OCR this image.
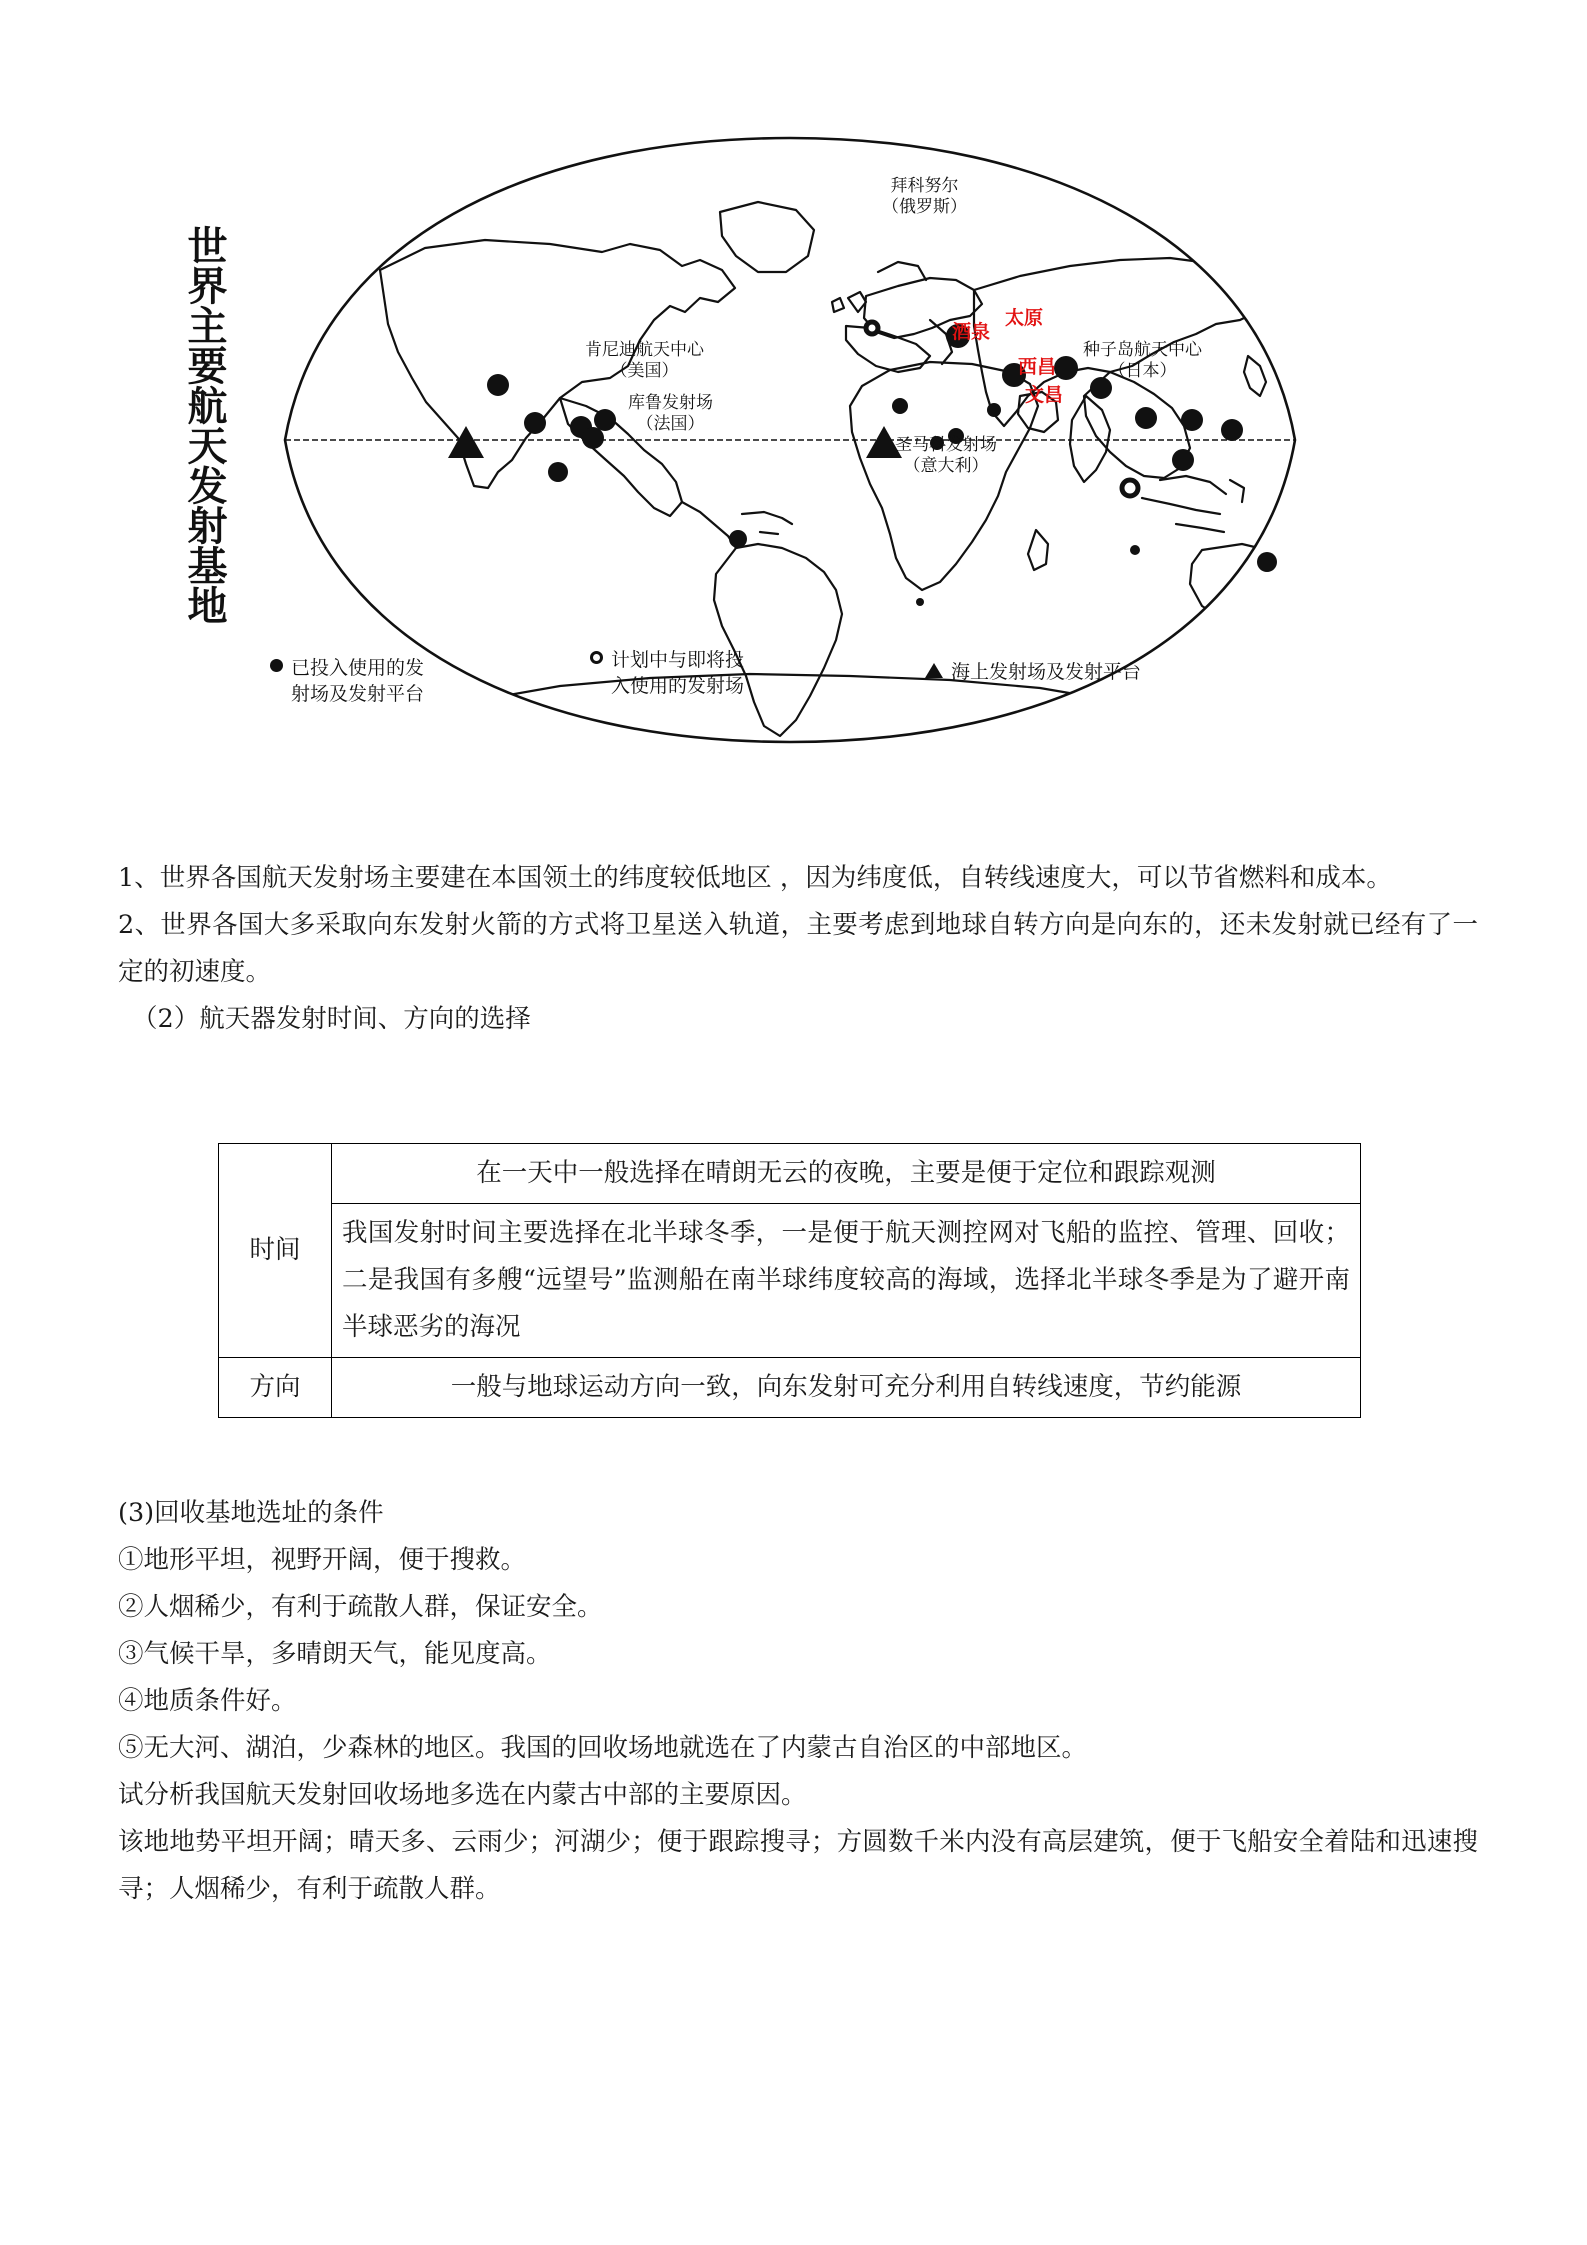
世界主要航天发射基地	肯尼迪航天中心
（美国）
库鲁发射场
（法国）
拜科努尔
（俄罗斯）
圣马科发射场
（意大利）
种子岛航天中心
（日本）
酒泉
太原
西昌
文昌
已投入使用的发
射场及发射平台
计划中与即将投
入使用的发射场
海上发射场及发射平台

1、世界各国航天发射场主要建在本国领土的纬度较低地区 ，因为纬度低，自转线速度大，可以节省燃料和成本。

2、世界各国大多采取向东发射火箭的方式将卫星送入轨道，主要考虑到地球自转方向是向东的，还未发射就已经有了一定的初速度。

（2）航天器发射时间、方向的选择

时间	在一天中一般选择在晴朗无云的夜晚，主要是便于定位和跟踪观测
	我国发射时间主要选择在北半球冬季，一是便于航天测控网对飞船的监控、管理、回收；二是我国有多艘“远望号”监测船在南半球纬度较高的海域，选择北半球冬季是为了避开南半球恶劣的海况
方向	一般与地球运动方向一致，向东发射可充分利用自转线速度，节约能源

(3)回收基地选址的条件

①地形平坦，视野开阔，便于搜救。

②人烟稀少，有利于疏散人群，保证安全。

③气候干旱，多晴朗天气，能见度高。

④地质条件好。

⑤无大河、湖泊，少森林的地区。我国的回收场地就选在了内蒙古自治区的中部地区。

试分析我国航天发射回收场地多选在内蒙古中部的主要原因。

该地地势平坦开阔；晴天多、云雨少；河湖少；便于跟踪搜寻；方圆数千米内没有高层建筑，便于飞船安全着陆和迅速搜寻；人烟稀少，有利于疏散人群。
